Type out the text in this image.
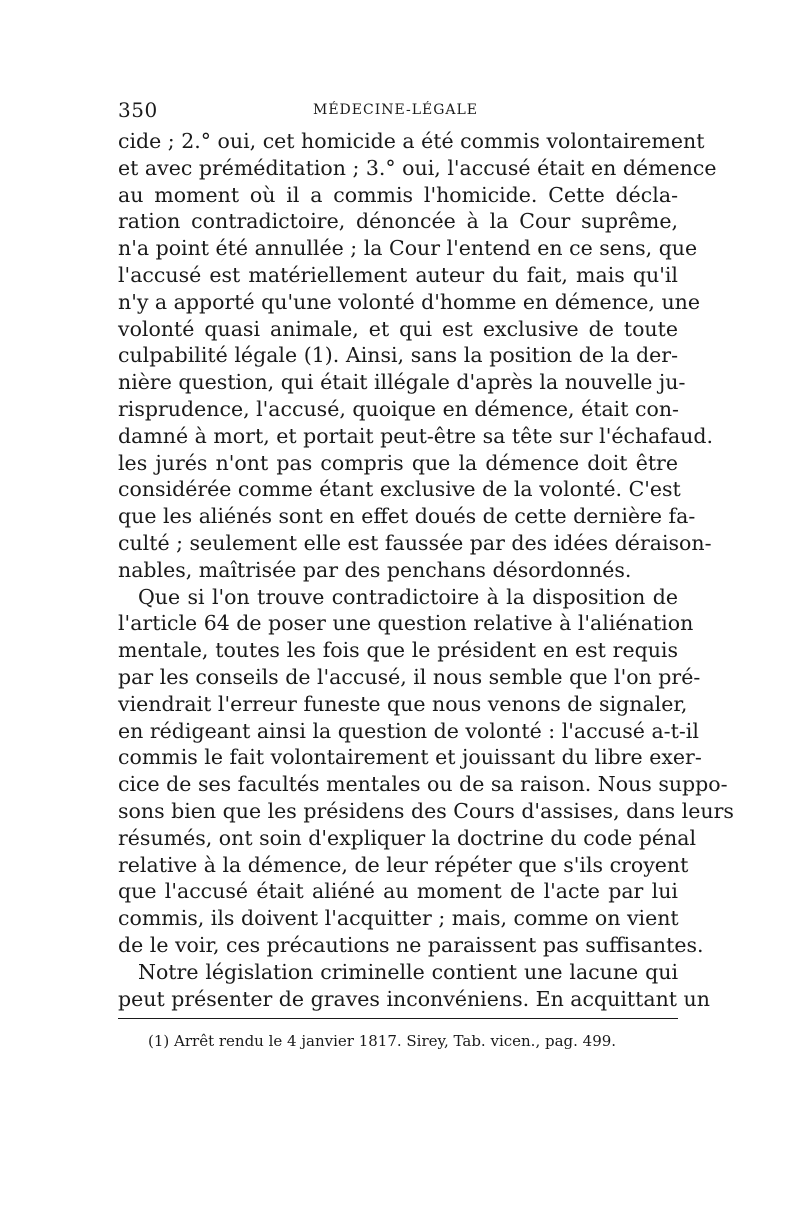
350	MÉDECINE-LÉGALE
cide ; 2.° oui, cet homicide a été commis volontairement
et avec préméditation ; 3.° oui, l'accusé était en démence
au moment où il a commis l'homicide. Cette décla-
ration contradictoire, dénoncée à la Cour suprême,
n'a point été annullée ; la Cour l'entend en ce sens, que
l'accusé est matériellement auteur du fait, mais qu'il
n'y a apporté qu'une volonté d'homme en démence, une
volonté quasi animale, et qui est exclusive de toute
culpabilité légale (1). Ainsi, sans la position de la der-
nière question, qui était illégale d'après la nouvelle ju-
risprudence, l'accusé, quoique en démence, était con-
damné à mort, et portait peut-être sa tête sur l'échafaud.
les jurés n'ont pas compris que la démence doit être
considérée comme étant exclusive de la volonté. C'est
que les aliénés sont en effet doués de cette dernière fa-
culté ; seulement elle est faussée par des idées déraison-
nables, maîtrisée par des penchans désordonnés.
Que si l'on trouve contradictoire à la disposition de
l'article 64 de poser une question relative à l'aliénation
mentale, toutes les fois que le président en est requis
par les conseils de l'accusé, il nous semble que l'on pré-
viendrait l'erreur funeste que nous venons de signaler,
en rédigeant ainsi la question de volonté : l'accusé a-t-il
commis le fait volontairement et jouissant du libre exer-
cice de ses facultés mentales ou de sa raison. Nous suppo-
sons bien que les présidens des Cours d'assises, dans leurs
résumés, ont soin d'expliquer la doctrine du code pénal
relative à la démence, de leur répéter que s'ils croyent
que l'accusé était aliéné au moment de l'acte par lui
commis, ils doivent l'acquitter ; mais, comme on vient
de le voir, ces précautions ne paraissent pas suffisantes.
Notre législation criminelle contient une lacune qui
peut présenter de graves inconvéniens. En acquittant un
(1) Arrêt rendu le 4 janvier 1817. Sirey, Tab. vicen., pag. 499.
